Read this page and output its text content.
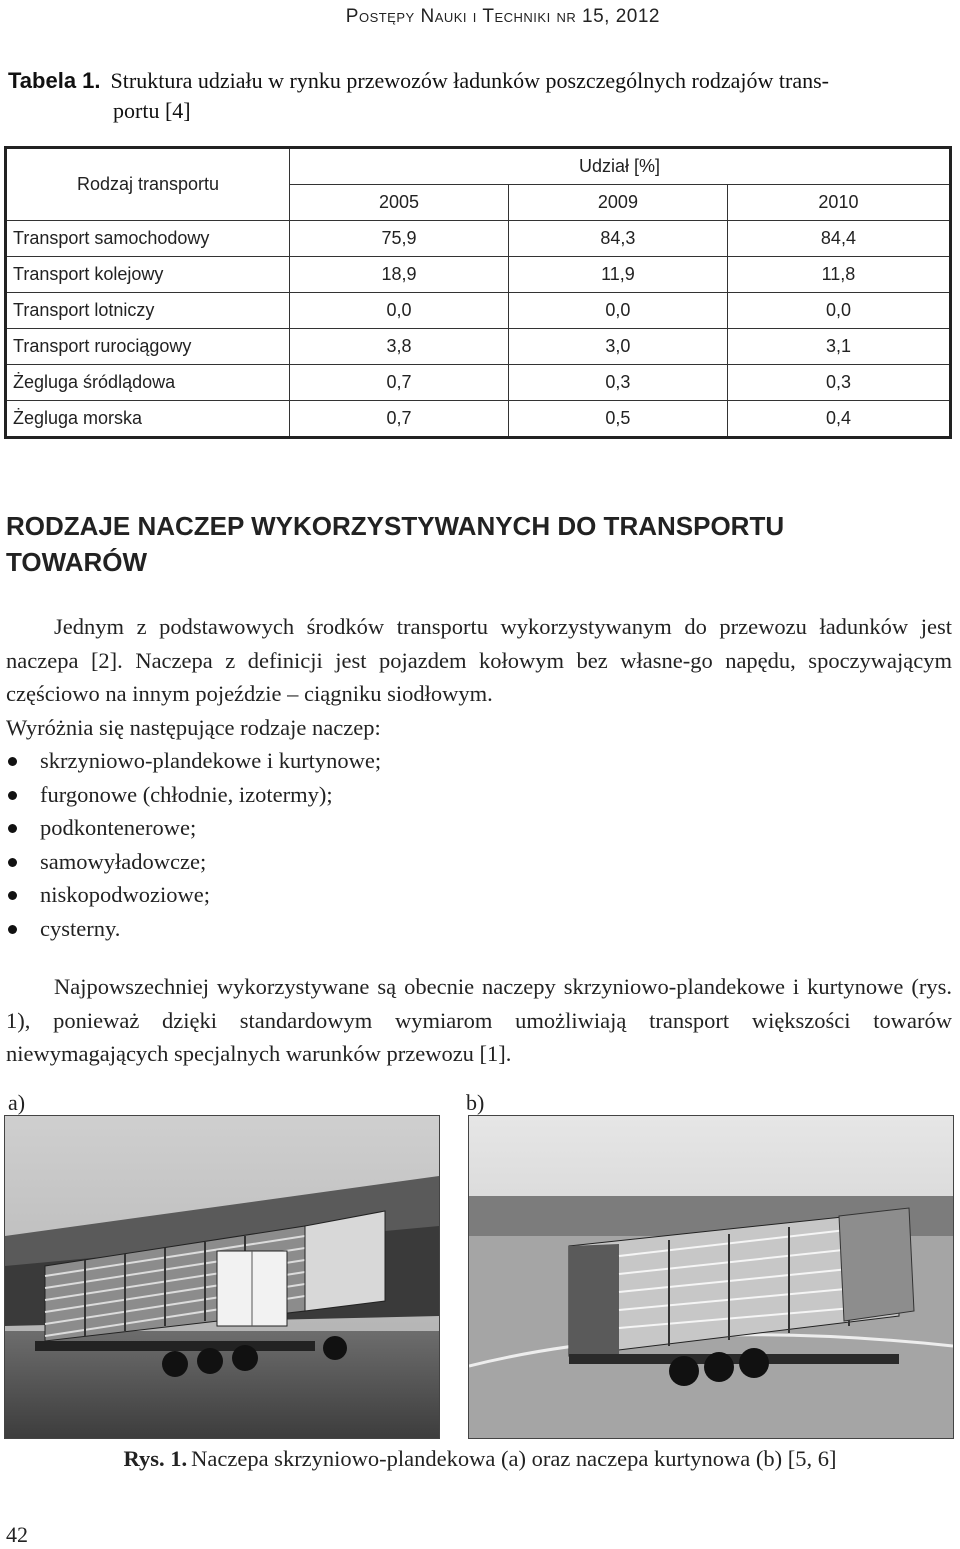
Postępy Nauki i Techniki nr 15, 2012
Tabela 1. Struktura udziału w rynku przewozów ładunków poszczególnych rodzajów trans-
portu [4]
Rodzaj transportu	Udział [%]		
	2005	2009	2010
Transport samochodowy	75,9	84,3	84,4
Transport kolejowy	18,9	11,9	11,8
Transport lotniczy	0,0	0,0	0,0
Transport rurociągowy	3,8	3,0	3,1
Żegluga śródlądowa	0,7	0,3	0,3
Żegluga morska	0,7	0,5	0,4
RODZAJE NACZEP WYKORZYSTYWANYCH DO TRANSPORTU
TOWARÓW
Jednym z podstawowych środków transportu wykorzystywanym do przewozu ładunków jest naczepa [2]. Naczepa z definicji jest pojazdem kołowym bez własne-go napędu, spoczywającym częściowo na innym pojeździe – ciągniku siodłowym.
Wyróżnia się następujące rodzaje naczep:
skrzyniowo-plandekowe i kurtynowe;
furgonowe (chłodnie, izotermy);
podkontenerowe;
samowyładowcze;
niskopodwoziowe;
cysterny.
Najpowszechniej wykorzystywane są obecnie naczepy skrzyniowo-plandekowe i kurtynowe (rys. 1), ponieważ dzięki standardowym wymiarom umożliwiają transport większości towarów niewymagających specjalnych warunków przewozu [1].
a)	b)
Rys. 1. Naczepa skrzyniowo-plandekowa (a) oraz naczepa kurtynowa (b) [5, 6]
42
